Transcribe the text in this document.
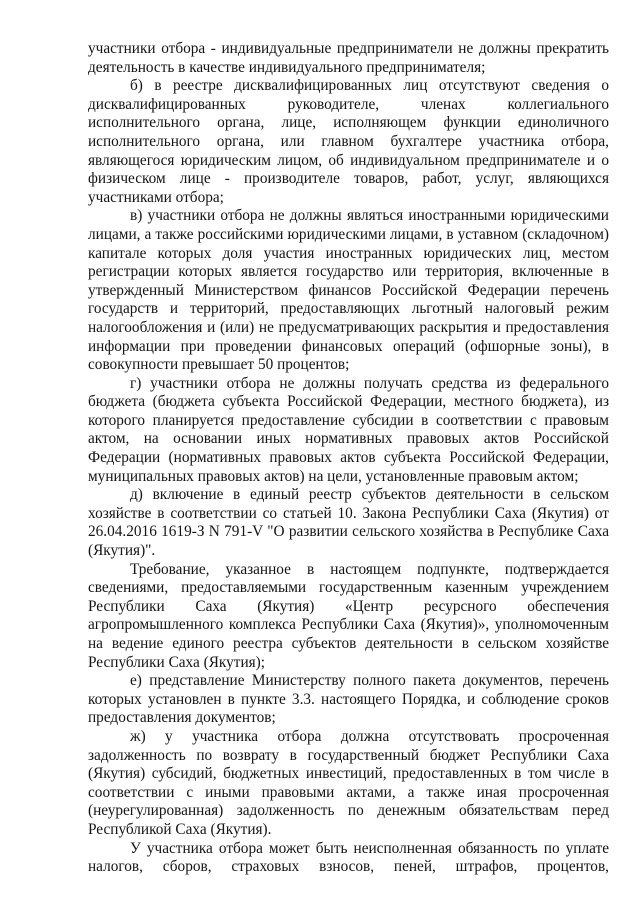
участники отбора - индивидуальные предприниматели не должны прекратить деятельность в качестве индивидуального предпринимателя;

б) в реестре дисквалифицированных лиц отсутствуют сведения о дисквалифицированных руководителе, членах коллегиального исполнительного органа, лице, исполняющем функции единоличного исполнительного органа, или главном бухгалтере участника отбора, являющегося юридическим лицом, об индивидуальном предпринимателе и о физическом лице - производителе товаров, работ, услуг, являющихся участниками отбора;

в) участники отбора не должны являться иностранными юридическими лицами, а также российскими юридическими лицами, в уставном (складочном) капитале которых доля участия иностранных юридических лиц, местом регистрации которых является государство или территория, включенные в утвержденный Министерством финансов Российской Федерации перечень государств и территорий, предоставляющих льготный налоговый режим налогообложения и (или) не предусматривающих раскрытия и предоставления информации при проведении финансовых операций (офшорные зоны), в совокупности превышает 50 процентов;

г) участники отбора не должны получать средства из федерального бюджета (бюджета субъекта Российской Федерации, местного бюджета), из которого планируется предоставление субсидии в соответствии с правовым актом, на основании иных нормативных правовых актов Российской Федерации (нормативных правовых актов субъекта Российской Федерации, муниципальных правовых актов) на цели, установленные правовым актом;

д) включение в единый реестр субъектов деятельности в сельском хозяйстве в соответствии со статьей 10. Закона Республики Саха (Якутия) от 26.04.2016 1619-З N 791-V "О развитии сельского хозяйства в Республике Саха (Якутия)".

Требование, указанное в настоящем подпункте, подтверждается сведениями, предоставляемыми государственным казенным учреждением Республики Саха (Якутия) «Центр ресурсного обеспечения агропромышленного комплекса Республики Саха (Якутия)», уполномоченным на ведение единого реестра субъектов деятельности в сельском хозяйстве Республики Саха (Якутия);

е) представление Министерству полного пакета документов, перечень которых установлен в пункте 3.3. настоящего Порядка, и соблюдение сроков предоставления документов;

ж) у участника отбора должна отсутствовать просроченная задолженность по возврату в государственный бюджет Республики Саха (Якутия) субсидий, бюджетных инвестиций, предоставленных в том числе в соответствии с иными правовыми актами, а также иная просроченная (неурегулированная) задолженность по денежным обязательствам перед Республикой Саха (Якутия).

У участника отбора может быть неисполненная обязанность по уплате налогов, сборов, страховых взносов, пеней, штрафов, процентов,
